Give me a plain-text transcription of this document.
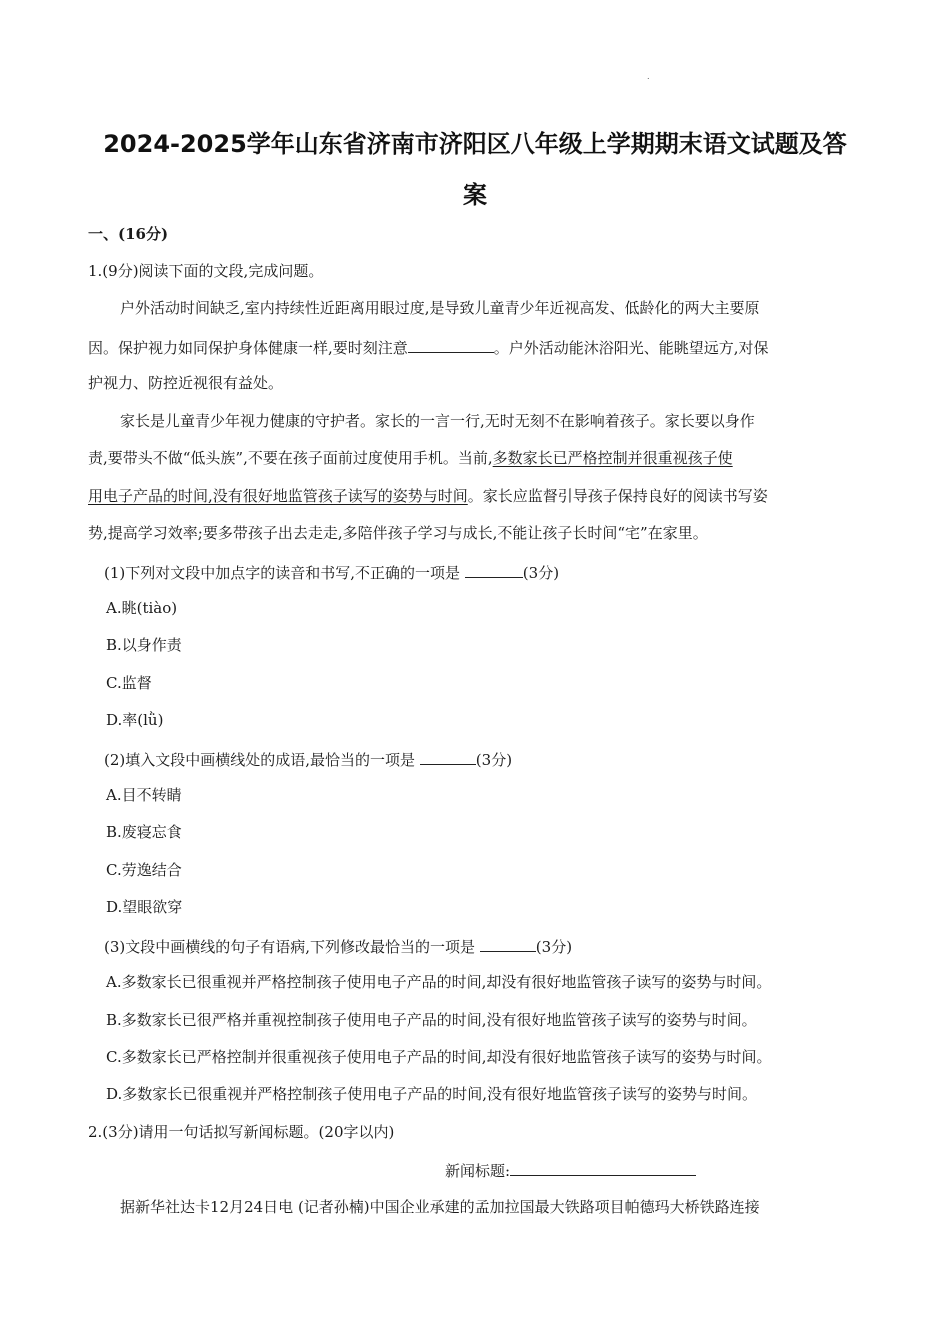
.
2024-2025学年山东省济南市济阳区八年级上学期期末语文试题及答
案
一、(16分)
1.(9分)阅读下面的文段,完成问题。
户外活动时间缺乏,室内持续性近距离用眼过度,是导致儿童青少年近视高发、低龄化的两大主要原
因。保护视力如同保护身体健康一样,要时刻注意	。户外活动能沐浴阳光、能眺望远方,对保
护视力、防控近视很有益处。
家长是儿童青少年视力健康的守护者。家长的一言一行,无时无刻不在影响着孩子。家长要以身作
责,要带头不做“低头族”,不要在孩子面前过度使用手机。当前,多数家长已严格控制并很重视孩子使
用电子产品的时间,没有很好地监管孩子读写的姿势与时间。家长应监督引导孩子保持良好的阅读书写姿
势,提高学习效率;要多带孩子出去走走,多陪伴孩子学习与成长,不能让孩子长时间“宅”在家里。
(1)下列对文段中加点字的读音和书写,不正确的一项是	(3分)
A.眺(tiào)
B.以身作责
C.监督
D.率(lǜ)
(2)填入文段中画横线处的成语,最恰当的一项是	(3分)
A.目不转睛
B.废寝忘食
C.劳逸结合
D.望眼欲穿
(3)文段中画横线的句子有语病,下列修改最恰当的一项是	(3分)
A.多数家长已很重视并严格控制孩子使用电子产品的时间,却没有很好地监管孩子读写的姿势与时间。
B.多数家长已很严格并重视控制孩子使用电子产品的时间,没有很好地监管孩子读写的姿势与时间。
C.多数家长已严格控制并很重视孩子使用电子产品的时间,却没有很好地监管孩子读写的姿势与时间。
D.多数家长已很重视并严格控制孩子使用电子产品的时间,没有很好地监管孩子读写的姿势与时间。
2.(3分)请用一句话拟写新闻标题。(20字以内)
新闻标题:
据新华社达卡12月24日电 (记者孙楠)中国企业承建的孟加拉国最大铁路项目帕德玛大桥铁路连接
